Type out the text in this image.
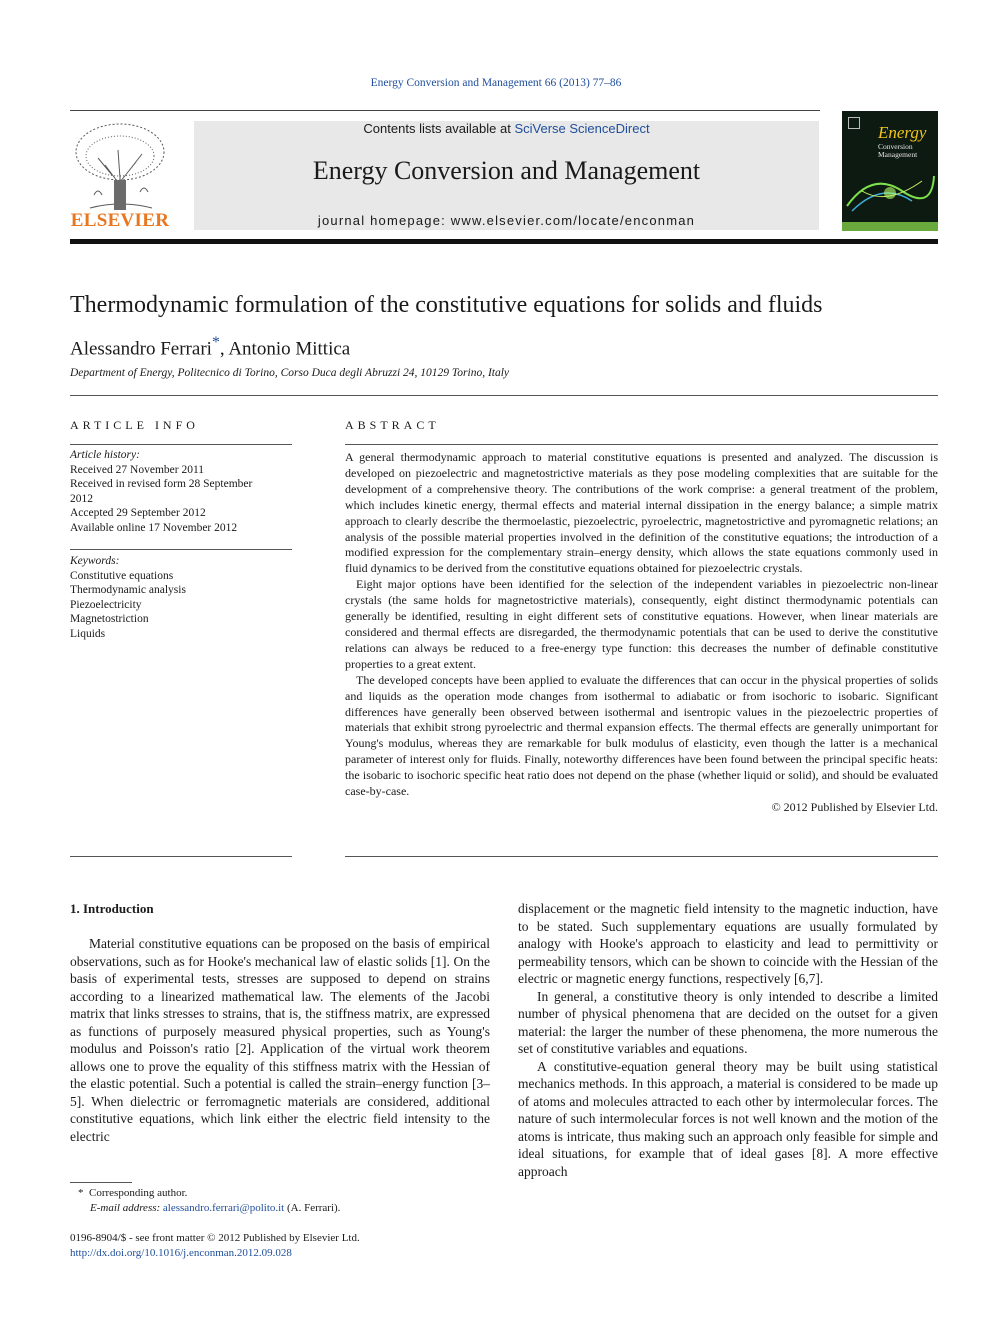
Energy Conversion and Management 66 (2013) 77–86
ELSEVIER
Contents lists available at SciVerse ScienceDirect
Energy Conversion and Management
journal homepage: www.elsevier.com/locate/enconman
Energy
Conversion
Management
Thermodynamic formulation of the constitutive equations for solids and fluids
Alessandro Ferrari*, Antonio Mittica
Department of Energy, Politecnico di Torino, Corso Duca degli Abruzzi 24, 10129 Torino, Italy
ARTICLE INFO
Article history:
Received 27 November 2011
Received in revised form 28 September
2012
Accepted 29 September 2012
Available online 17 November 2012
Keywords:
Constitutive equations
Thermodynamic analysis
Piezoelectricity
Magnetostriction
Liquids
ABSTRACT

A general thermodynamic approach to material constitutive equations is presented and analyzed. The discussion is developed on piezoelectric and magnetostrictive materials as they pose modeling complexities that are suitable for the development of a comprehensive theory. The contributions of the work comprise: a general treatment of the problem, which includes kinetic energy, thermal effects and material internal dissipation in the energy balance; a simple matrix approach to clearly describe the thermoelastic, piezoelectric, pyroelectric, magnetostrictive and pyromagnetic relations; an analysis of the possible material properties involved in the definition of the constitutive equations; the introduction of a modified expression for the complementary strain–energy density, which allows the state equations commonly used in fluid dynamics to be derived from the constitutive equations obtained for piezoelectric crystals.

Eight major options have been identified for the selection of the independent variables in piezoelectric non-linear crystals (the same holds for magnetostrictive materials), consequently, eight distinct thermodynamic potentials can generally be identified, resulting in eight different sets of constitutive equations. However, when linear materials are considered and thermal effects are disregarded, the thermodynamic potentials that can be used to derive the constitutive relations can always be reduced to a free-energy type function: this decreases the number of definable constitutive properties to a great extent.

The developed concepts have been applied to evaluate the differences that can occur in the physical properties of solids and liquids as the operation mode changes from isothermal to adiabatic or from isochoric to isobaric. Significant differences have generally been observed between isothermal and isentropic values in the piezoelectric properties of materials that exhibit strong pyroelectric and thermal expansion effects. The thermal effects are generally unimportant for Young's modulus, whereas they are remarkable for bulk modulus of elasticity, even though the latter is a mechanical parameter of interest only for fluids. Finally, noteworthy differences have been found between the principal specific heats: the isobaric to isochoric specific heat ratio does not depend on the phase (whether liquid or solid), and should be evaluated case-by-case.

© 2012 Published by Elsevier Ltd.
1. Introduction

Material constitutive equations can be proposed on the basis of empirical observations, such as for Hooke's mechanical law of elastic solids [1]. On the basis of experimental tests, stresses are supposed to depend on strains according to a linearized mathematical law. The elements of the Jacobi matrix that links stresses to strains, that is, the stiffness matrix, are expressed as functions of purposely measured physical properties, such as Young's modulus and Poisson's ratio [2]. Application of the virtual work theorem allows one to prove the equality of this stiffness matrix with the Hessian of the elastic potential. Such a potential is called the strain–energy function [3–5]. When dielectric or ferromagnetic materials are considered, additional constitutive equations, which link either the electric field intensity to the electric

displacement or the magnetic field intensity to the magnetic induction, have to be stated. Such supplementary equations are usually formulated by analogy with Hooke's approach to elasticity and lead to permittivity or permeability tensors, which can be shown to coincide with the Hessian of the electric or magnetic energy functions, respectively [6,7].

In general, a constitutive theory is only intended to describe a limited number of physical phenomena that are decided on the outset for a given material: the larger the number of these phenomena, the more numerous the set of constitutive variables and equations.

A constitutive-equation general theory may be built using statistical mechanics methods. In this approach, a material is considered to be made up of atoms and molecules attracted to each other by intermolecular forces. The nature of such intermolecular forces is not well known and the motion of the atoms is intricate, thus making such an approach only feasible for simple and ideal situations, for example that of ideal gases [8]. A more effective approach

* Corresponding author.
E-mail address: alessandro.ferrari@polito.it (A. Ferrari).
0196-8904/$ - see front matter © 2012 Published by Elsevier Ltd.
http://dx.doi.org/10.1016/j.enconman.2012.09.028
